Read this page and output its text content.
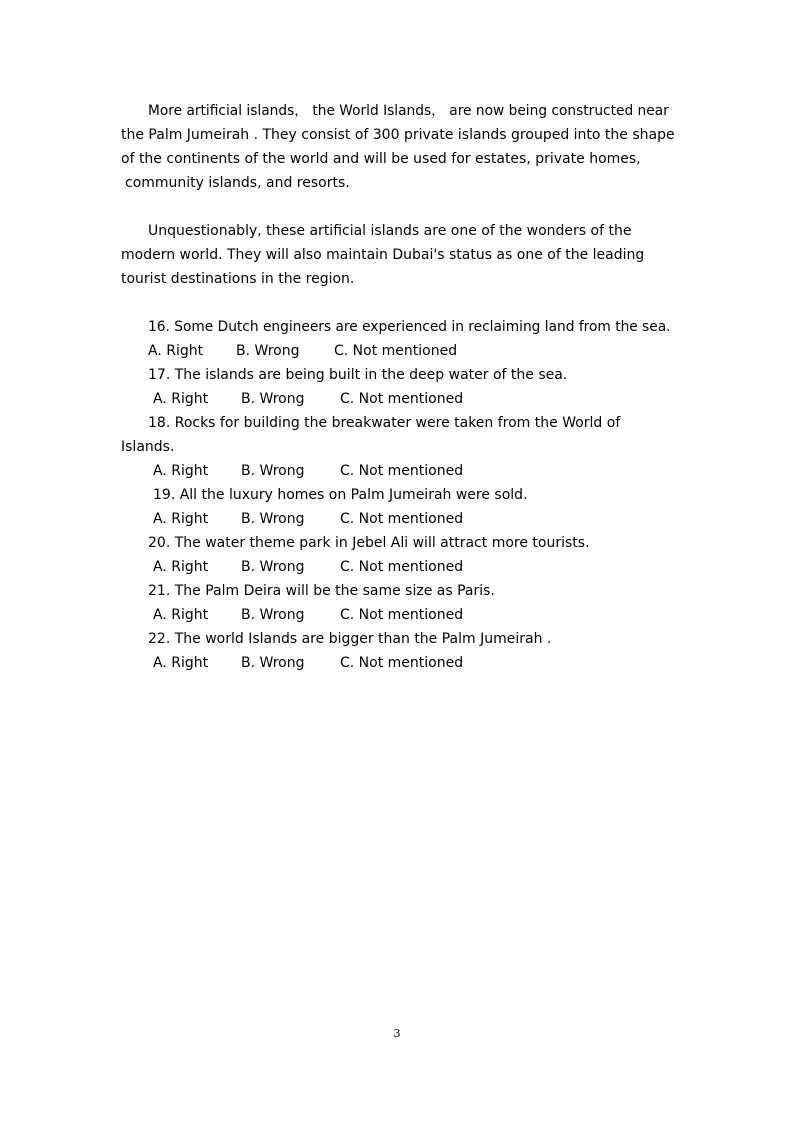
More artificial islands， the World Islands， are now being constructed near
the Palm Jumeirah . They consist of 300 private islands grouped into the shape
of the continents of the world and will be used for estates, private homes,
community islands, and resorts.
Unquestionably, these artificial islands are one of the wonders of the
modern world. They will also maintain Dubai's status as one of the leading
tourist destinations in the region.
16. Some Dutch engineers are experienced in reclaiming land from the sea.
A. Right B. Wrong C. Not mentioned
17. The islands are being built in the deep water of the sea.
A. Right B. Wrong	C. Not mentioned
18. Rocks for building the breakwater were taken from the World of
Islands.
A. Right B. Wrong	C. Not mentioned
19. All the luxury homes on Palm Jumeirah were sold.
A. Right B. Wrong	C. Not mentioned
20. The water theme park in Jebel Ali will attract more tourists.
A. Right B. Wrong	C. Not mentioned
21. The Palm Deira will be the same size as Paris.
A. Right B. Wrong	C. Not mentioned
22. The world Islands are bigger than the Palm Jumeirah .
A. Right B. Wrong	C. Not mentioned
3
